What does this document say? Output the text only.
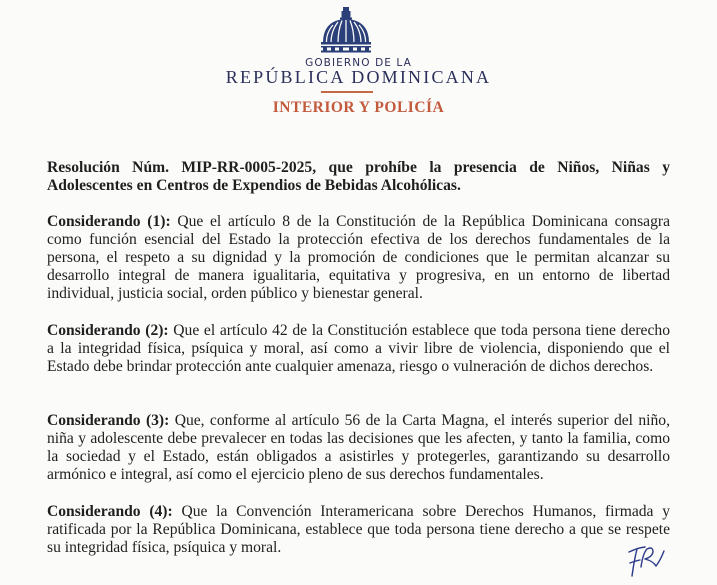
GOBIERNO DE LA
REPÚBLICA DOMINICANA
INTERIOR Y POLICÍA
Resolución Núm. MIP-RR-0005-2025, que prohíbe la presencia de Niños, Niñas y Adolescentes en Centros de Expendios de Bebidas Alcohólicas.
Considerando (1): Que el artículo 8 de la Constitución de la República Dominicana consagra como función esencial del Estado la protección efectiva de los derechos fundamentales de la persona, el respeto a su dignidad y la promoción de condiciones que le permitan alcanzar su desarrollo integral de manera igualitaria, equitativa y progresiva, en un entorno de libertad individual, justicia social, orden público y bienestar general.
Considerando (2): Que el artículo 42 de la Constitución establece que toda persona tiene derecho a la integridad física, psíquica y moral, así como a vivir libre de violencia, disponiendo que el Estado debe brindar protección ante cualquier amenaza, riesgo o vulneración de dichos derechos.
Considerando (3): Que, conforme al artículo 56 de la Carta Magna, el interés superior del niño, niña y adolescente debe prevalecer en todas las decisiones que les afecten, y tanto la familia, como la sociedad y el Estado, están obligados a asistirles y protegerles, garantizando su desarrollo armónico e integral, así como el ejercicio pleno de sus derechos fundamentales.
Considerando (4): Que la Convención Interamericana sobre Derechos Humanos, firmada y ratificada por la República Dominicana, establece que toda persona tiene derecho a que se respete su integridad física, psíquica y moral.
